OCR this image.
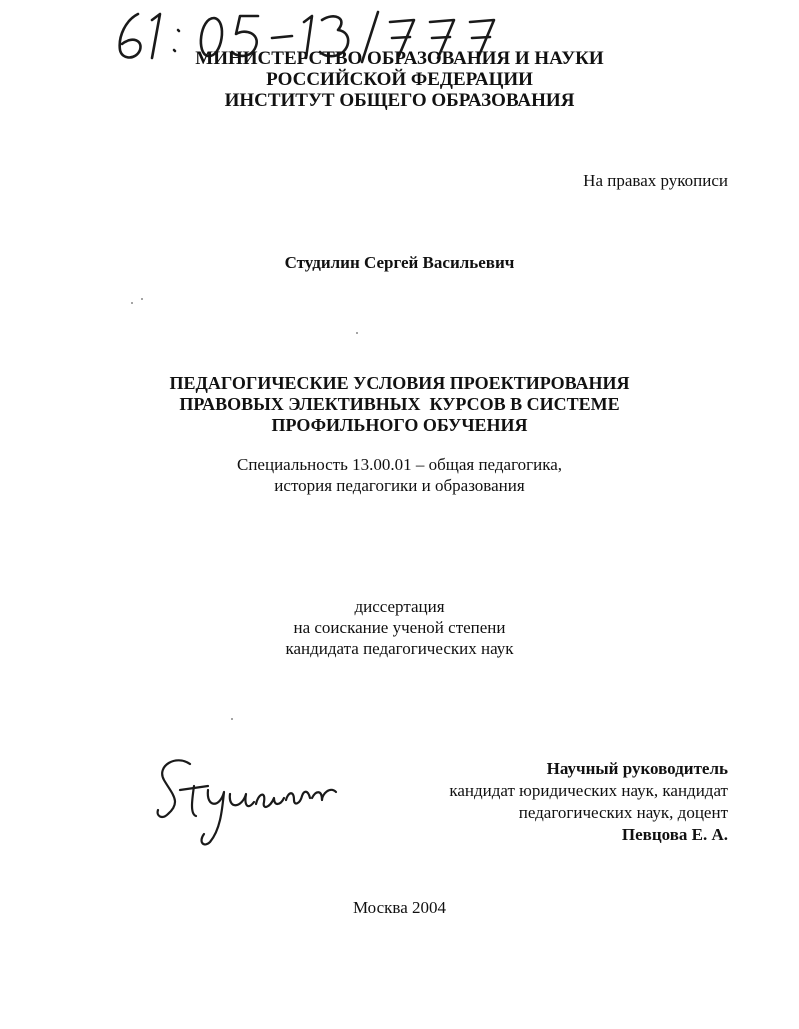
МИНИСТЕРСТВО ОБРАЗОВАНИЯ И НАУКИ
РОССИЙСКОЙ ФЕДЕРАЦИИ
ИНСТИТУТ ОБЩЕГО ОБРАЗОВАНИЯ
На правах рукописи
Студилин Сергей Васильевич
ПЕДАГОГИЧЕСКИЕ УСЛОВИЯ ПРОЕКТИРОВАНИЯ
ПРАВОВЫХ ЭЛЕКТИВНЫХ  КУРСОВ В СИСТЕМЕ
ПРОФИЛЬНОГО ОБУЧЕНИЯ
Специальность 13.00.01 – общая педагогика,
история педагогики и образования
диссертация
на соискание ученой степени
кандидата педагогических наук
Научный руководитель
кандидат юридических наук, кандидат
педагогических наук, доцент
Певцова Е. А.
Москва 2004
